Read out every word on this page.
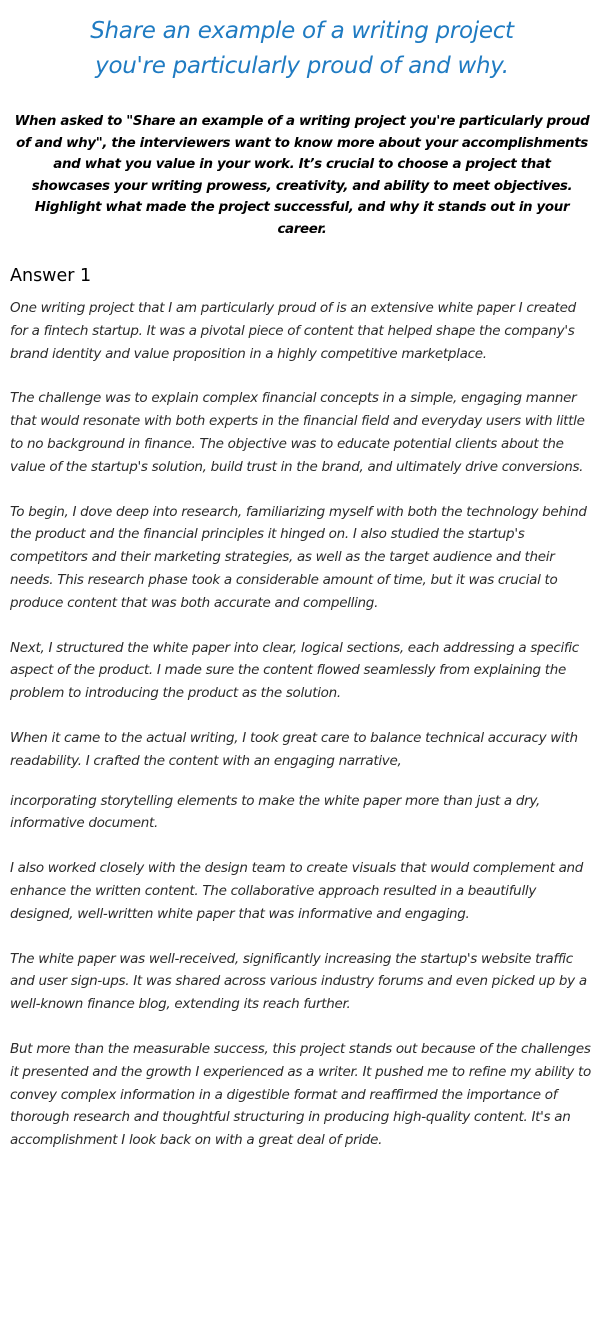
Share an example of a writing project
you're particularly proud of and why.

When asked to "Share an example of a writing project you're particularly proud of and why", the interviewers want to know more about your accomplishments and what you value in your work. It’s crucial to choose a project that showcases your writing prowess, creativity, and ability to meet objectives. Highlight what made the project successful, and why it stands out in your career.

Answer 1

One writing project that I am particularly proud of is an extensive white paper I created for a fintech startup. It was a pivotal piece of content that helped shape the company's brand identity and value proposition in a highly competitive marketplace.

The challenge was to explain complex financial concepts in a simple, engaging manner that would resonate with both experts in the financial field and everyday users with little to no background in finance. The objective was to educate potential clients about the value of the startup's solution, build trust in the brand, and ultimately drive conversions.

To begin, I dove deep into research, familiarizing myself with both the technology behind the product and the financial principles it hinged on. I also studied the startup's competitors and their marketing strategies, as well as the target audience and their needs. This research phase took a considerable amount of time, but it was crucial to produce content that was both accurate and compelling.

Next, I structured the white paper into clear, logical sections, each addressing a specific aspect of the product. I made sure the content flowed seamlessly from explaining the problem to introducing the product as the solution.

When it came to the actual writing, I took great care to balance technical accuracy with readability. I crafted the content with an engaging narrative,

incorporating storytelling elements to make the white paper more than just a dry, informative document.

I also worked closely with the design team to create visuals that would complement and enhance the written content. The collaborative approach resulted in a beautifully designed, well-written white paper that was informative and engaging.

The white paper was well-received, significantly increasing the startup's website traffic and user sign-ups. It was shared across various industry forums and even picked up by a well-known finance blog, extending its reach further.

But more than the measurable success, this project stands out because of the challenges it presented and the growth I experienced as a writer. It pushed me to refine my ability to convey complex information in a digestible format and reaffirmed the importance of thorough research and thoughtful structuring in producing high-quality content. It's an accomplishment I look back on with a great deal of pride.
